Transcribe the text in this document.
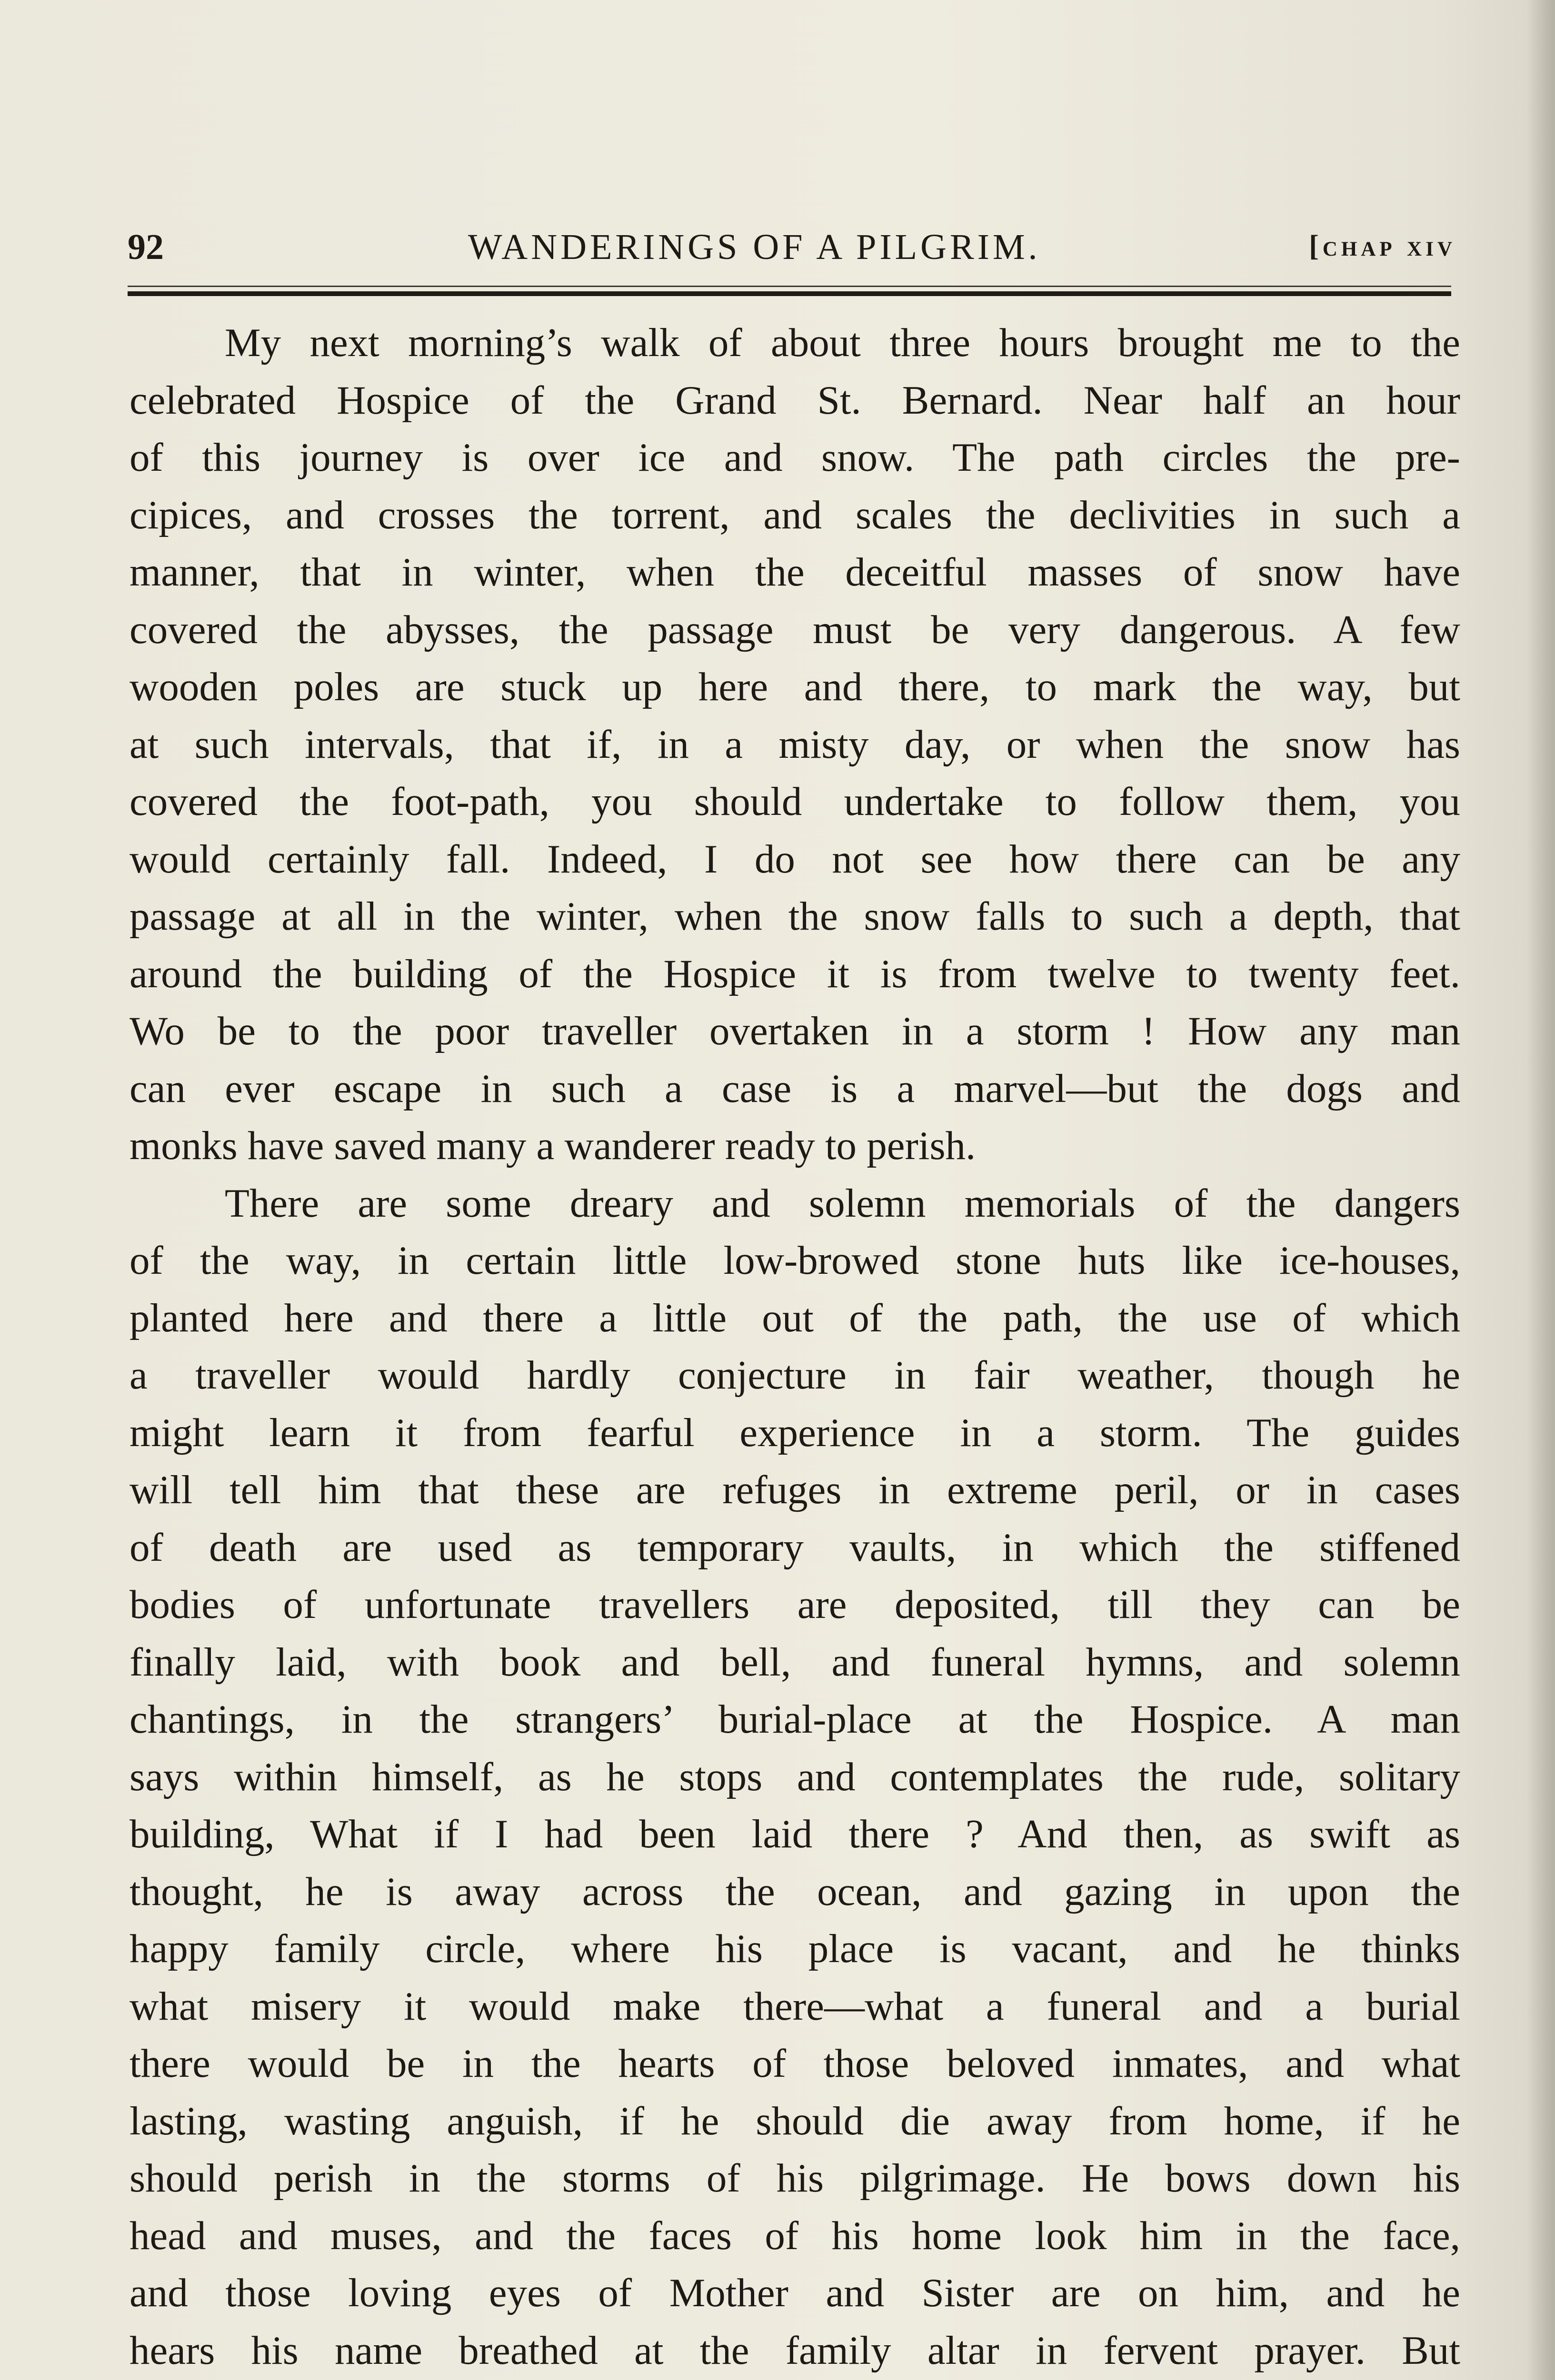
92	WANDERINGS OF A PILGRIM.	[chap xiv
My next morning’s walk of about three hours brought me to the
celebrated Hospice of the Grand St. Bernard. Near half an hour
of this journey is over ice and snow. The path circles the pre-
cipices, and crosses the torrent, and scales the declivities in such a
manner, that in winter, when the deceitful masses of snow have
covered the abysses, the passage must be very dangerous. A few
wooden poles are stuck up here and there, to mark the way, but
at such intervals, that if, in a misty day, or when the snow has
covered the foot-path, you should undertake to follow them, you
would certainly fall. Indeed, I do not see how there can be any
passage at all in the winter, when the snow falls to such a depth, that
around the building of the Hospice it is from twelve to twenty feet.
Wo be to the poor traveller overtaken in a storm ! How any man
can ever escape in such a case is a marvel—but the dogs and
monks have saved many a wanderer ready to perish.
There are some dreary and solemn memorials of the dangers
of the way, in certain little low-browed stone huts like ice-houses,
planted here and there a little out of the path, the use of which
a traveller would hardly conjecture in fair weather, though he
might learn it from fearful experience in a storm. The guides
will tell him that these are refuges in extreme peril, or in cases
of death are used as temporary vaults, in which the stiffened
bodies of unfortunate travellers are deposited, till they can be
finally laid, with book and bell, and funeral hymns, and solemn
chantings, in the strangers’ burial-place at the Hospice. A man
says within himself, as he stops and contemplates the rude, solitary
building, What if I had been laid there ? And then, as swift as
thought, he is away across the ocean, and gazing in upon the
happy family circle, where his place is vacant, and he thinks
what misery it would make there—what a funeral and a burial
there would be in the hearts of those beloved inmates, and what
lasting, wasting anguish, if he should die away from home, if he
should perish in the storms of his pilgrimage. He bows down his
head and muses, and the faces of his home look him in the face,
and those loving eyes of Mother and Sister are on him, and he
hears his name breathed at the family altar in fervent prayer. But
